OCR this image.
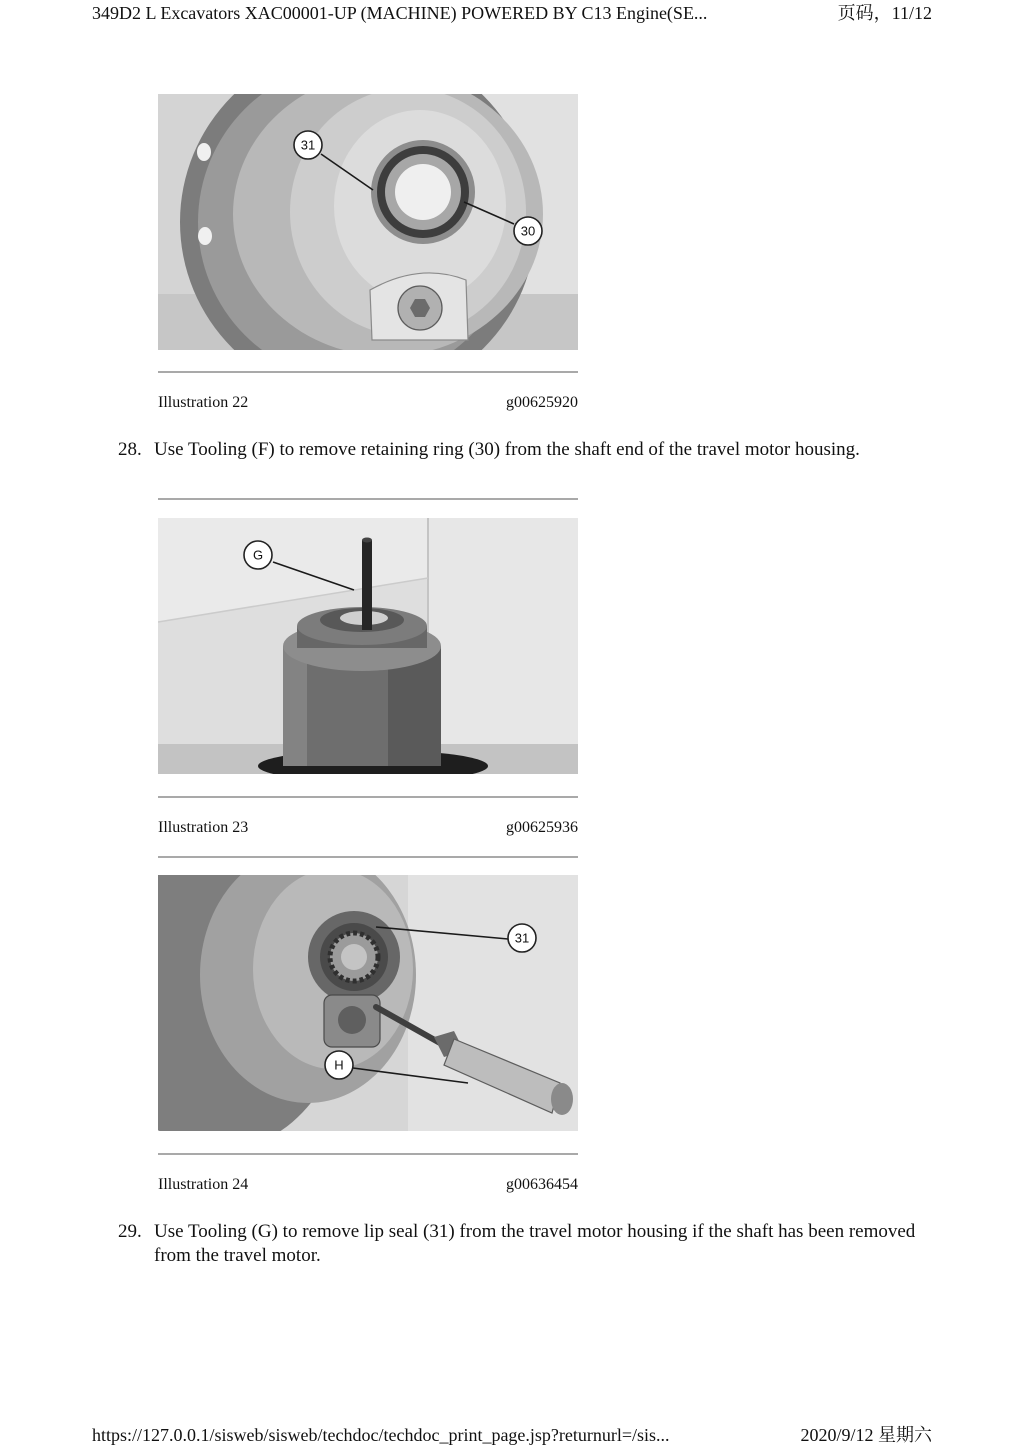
349D2 L Excavators XAC00001-UP (MACHINE) POWERED BY C13 Engine(SE...	页码，11/12
31
30
Illustration 22	g00625920
28. Use Tooling (F) to remove retaining ring (30) from the shaft end of the travel motor housing.
G
Illustration 23	g00625936
31
H
Illustration 24	g00636454
29. Use Tooling (G) to remove lip seal (31) from the travel motor housing if the shaft has been removed from the travel motor.
https://127.0.0.1/sisweb/sisweb/techdoc/techdoc_print_page.jsp?returnurl=/sis...	2020/9/12 星期六
